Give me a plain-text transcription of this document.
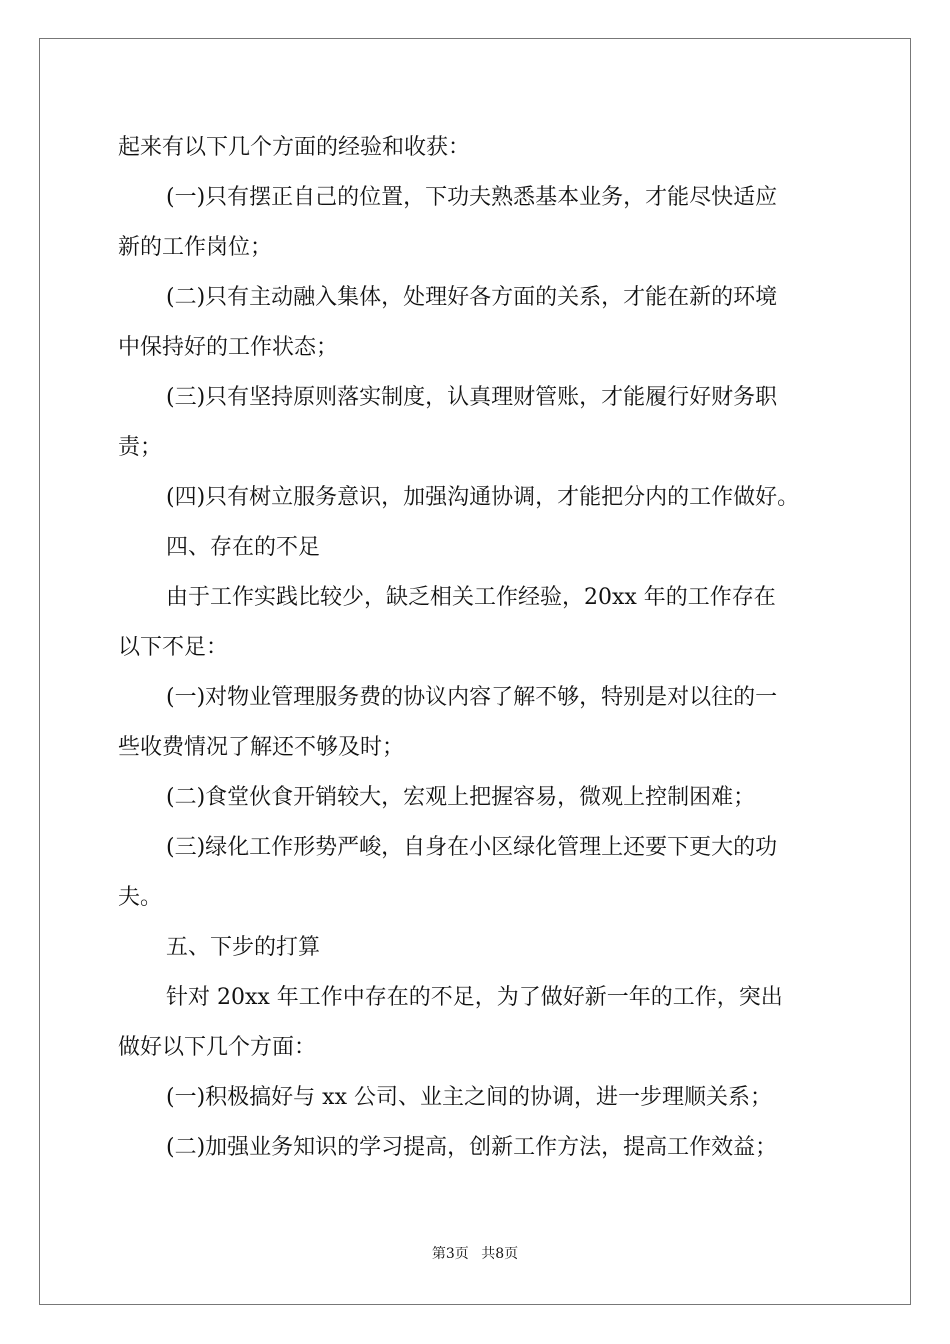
起来有以下几个方面的经验和收获：
(一)只有摆正自己的位置，下功夫熟悉基本业务，才能尽快适应
新的工作岗位；
(二)只有主动融入集体，处理好各方面的关系，才能在新的环境
中保持好的工作状态；
(三)只有坚持原则落实制度，认真理财管账，才能履行好财务职
责；
(四)只有树立服务意识，加强沟通协调，才能把分内的工作做好。
四、存在的不足
由于工作实践比较少，缺乏相关工作经验，20xx 年的工作存在
以下不足：
(一)对物业管理服务费的协议内容了解不够，特别是对以往的一
些收费情况了解还不够及时；
(二)食堂伙食开销较大，宏观上把握容易，微观上控制困难；
(三)绿化工作形势严峻，自身在小区绿化管理上还要下更大的功
夫。
五、下步的打算
针对 20xx 年工作中存在的不足，为了做好新一年的工作，突出
做好以下几个方面：
(一)积极搞好与 xx 公司、业主之间的协调，进一步理顺关系；
(二)加强业务知识的学习提高，创新工作方法，提高工作效益；
第3页 共8页
